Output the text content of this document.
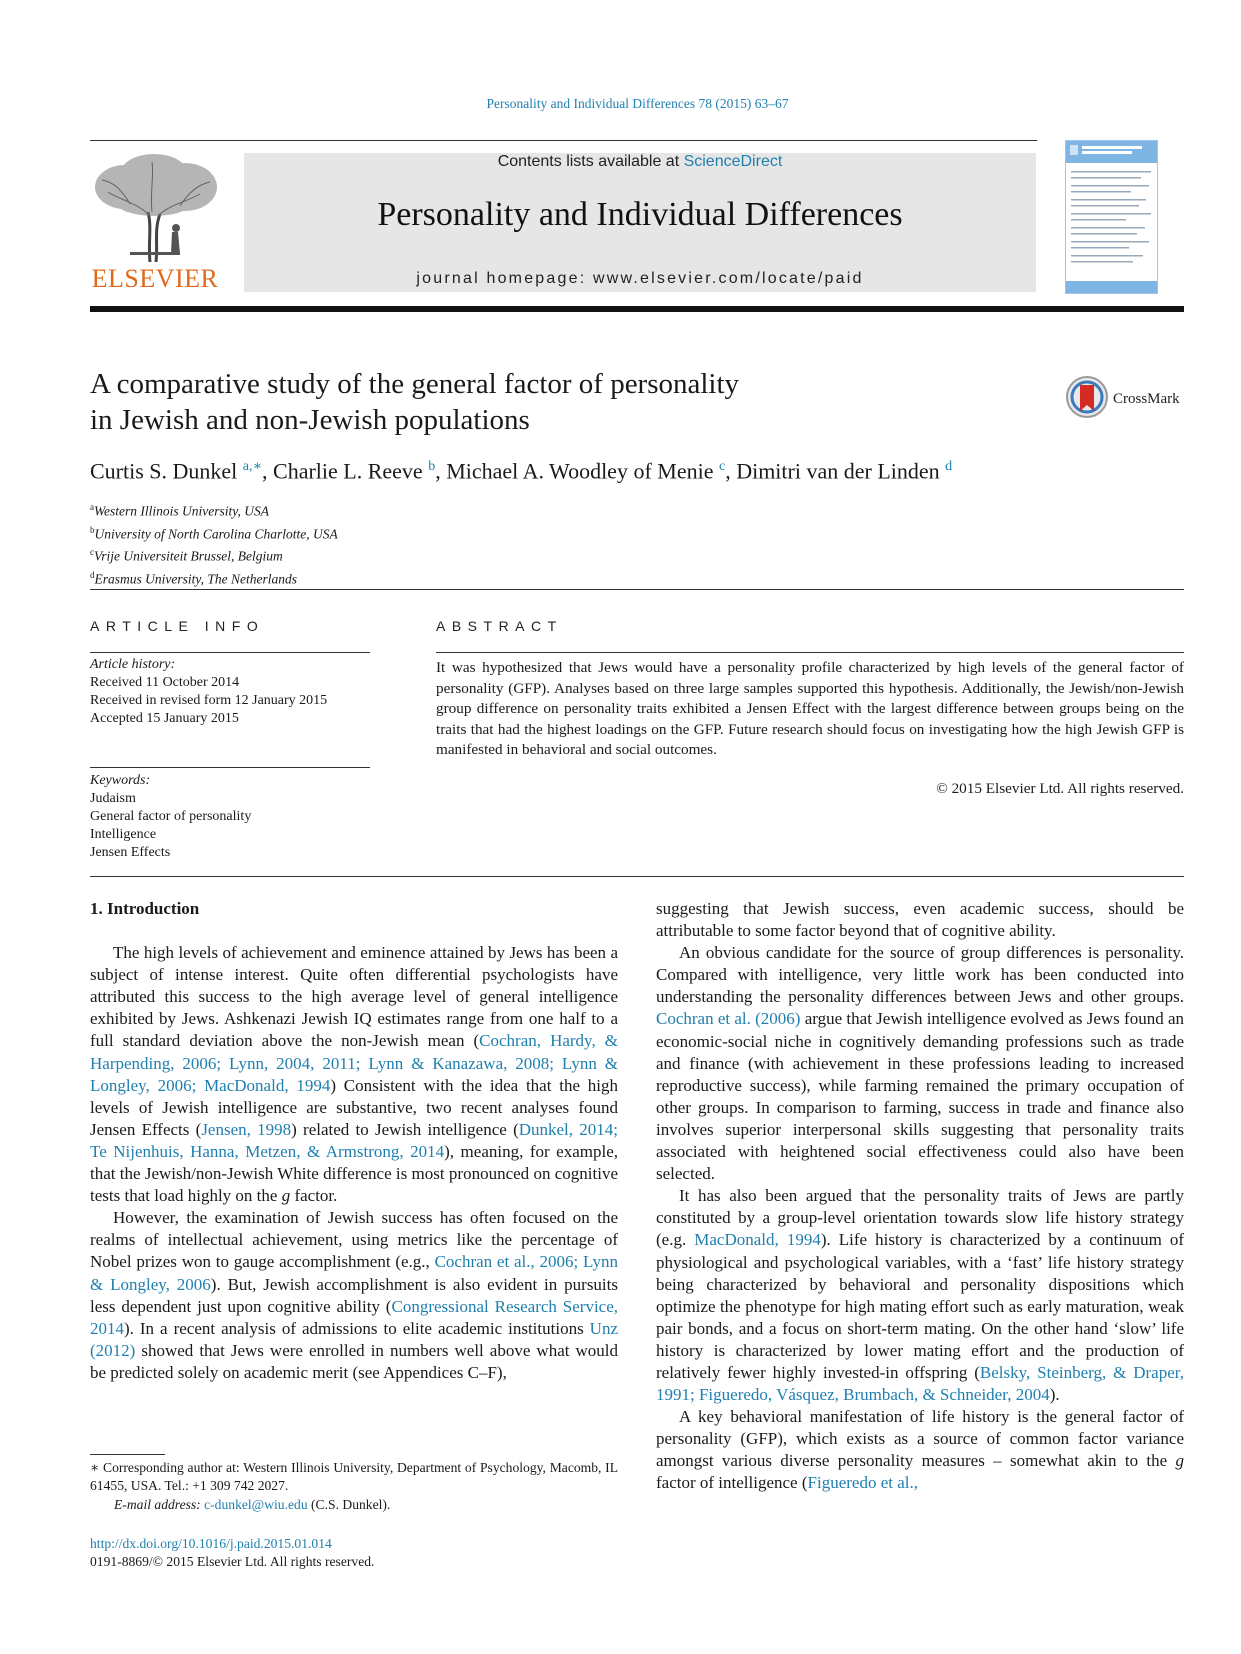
Personality and Individual Differences 78 (2015) 63–67
ELSEVIER
Contents lists available at ScienceDirect
Personality and Individual Differences
journal homepage: www.elsevier.com/locate/paid
A comparative study of the general factor of personality
in Jewish and non-Jewish populations
CrossMark
Curtis S. Dunkel $^{a,∗}$, Charlie L. Reeve $^b$, Michael A. Woodley of Menie $^c$, Dimitri van der Linden $^d$
$^a$Western Illinois University, USA
$^b$University of North Carolina Charlotte, USA
$^c$Vrije Universiteit Brussel, Belgium
$^d$Erasmus University, The Netherlands
ARTICLE INFO
Article history:
Received 11 October 2014
Received in revised form 12 January 2015
Accepted 15 January 2015
Keywords:
Judaism
General factor of personality
Intelligence
Jensen Effects
ABSTRACT
It was hypothesized that Jews would have a personality profile characterized by high levels of the general factor of personality (GFP). Analyses based on three large samples supported this hypothesis. Additionally, the Jewish/non-Jewish group difference on personality traits exhibited a Jensen Effect with the largest difference between groups being on the traits that had the highest loadings on the GFP. Future research should focus on investigating how the high Jewish GFP is manifested in behavioral and social outcomes.
© 2015 Elsevier Ltd. All rights reserved.
1. Introduction

The high levels of achievement and eminence attained by Jews has been a subject of intense interest. Quite often differential psychologists have attributed this success to the high average level of general intelligence exhibited by Jews. Ashkenazi Jewish IQ estimates range from one half to a full standard deviation above the non-Jewish mean (Cochran, Hardy, & Harpending, 2006; Lynn, 2004, 2011; Lynn & Kanazawa, 2008; Lynn & Longley, 2006; MacDonald, 1994) Consistent with the idea that the high levels of Jewish intelligence are substantive, two recent analyses found Jensen Effects (Jensen, 1998) related to Jewish intelligence (Dunkel, 2014; Te Nijenhuis, Hanna, Metzen, & Armstrong, 2014), meaning, for example, that the Jewish/non-Jewish White difference is most pronounced on cognitive tests that load highly on the g factor.

However, the examination of Jewish success has often focused on the realms of intellectual achievement, using metrics like the percentage of Nobel prizes won to gauge accomplishment (e.g., Cochran et al., 2006; Lynn & Longley, 2006). But, Jewish accomplishment is also evident in pursuits less dependent just upon cognitive ability (Congressional Research Service, 2014). In a recent analysis of admissions to elite academic institutions Unz (2012) showed that Jews were enrolled in numbers well above what would be predicted solely on academic merit (see Appendices C–F),

suggesting that Jewish success, even academic success, should be attributable to some factor beyond that of cognitive ability.

An obvious candidate for the source of group differences is personality. Compared with intelligence, very little work has been conducted into understanding the personality differences between Jews and other groups. Cochran et al. (2006) argue that Jewish intelligence evolved as Jews found an economic-social niche in cognitively demanding professions such as trade and finance (with achievement in these professions leading to increased reproductive success), while farming remained the primary occupation of other groups. In comparison to farming, success in trade and finance also involves superior interpersonal skills suggesting that personality traits associated with heightened social effectiveness could also have been selected.

It has also been argued that the personality traits of Jews are partly constituted by a group-level orientation towards slow life history strategy (e.g. MacDonald, 1994). Life history is characterized by a continuum of physiological and psychological variables, with a ‘fast’ life history strategy being characterized by behavioral and personality dispositions which optimize the phenotype for high mating effort such as early maturation, weak pair bonds, and a focus on short-term mating. On the other hand ‘slow’ life history is characterized by lower mating effort and the production of relatively fewer highly invested-in offspring (Belsky, Steinberg, & Draper, 1991; Figueredo, Vásquez, Brumbach, & Schneider, 2004).

A key behavioral manifestation of life history is the general factor of personality (GFP), which exists as a source of common factor variance amongst various diverse personality measures – somewhat akin to the g factor of intelligence (Figueredo et al.,

∗ Corresponding author at: Western Illinois University, Department of Psychology, Macomb, IL 61455, USA. Tel.: +1 309 742 2027.
E-mail address: c-dunkel@wiu.edu (C.S. Dunkel).
http://dx.doi.org/10.1016/j.paid.2015.01.014
0191-8869/© 2015 Elsevier Ltd. All rights reserved.
